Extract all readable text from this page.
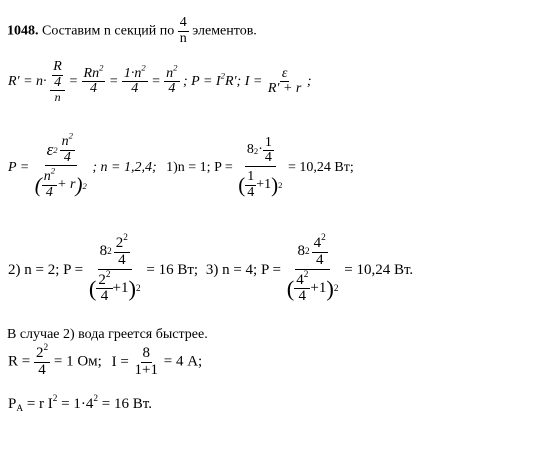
1048. Составим n секций по $\frac{4}{n}$ элементов.
R′ = n· R
4
$n = \frac{Rn^2}{4} = \frac{1\cdot n^2}{4} = \frac{n^2}{4}$ ; $P = I^2R'$; $I = \frac{\varepsilon}{R' + r}$ ;
$P = \frac{\varepsilon 2 \frac{n^2}{4}}{( \frac{n^2}{4} + r ) 2}$ ; n = 1,2,4; 1)n = 1; $P = \frac{8 2 \cdot \frac{1}{4}}{( \frac{1}{4} +1 ) 2} = 10,24$ Вт;
2) n = 2; $P = \frac{8 2 \frac{2^2}{4}}{( \frac{2^2}{4} +1 ) 2} = 16$ Вт; 3) n = 4; $P = \frac{8 2 \frac{4^2}{4}}{( \frac{4^2}{4} +1 ) 2} = 10,24$ Вт.
В случае 2) вода греется быстрее.
$R = \frac{2^2}{4} = 1$ Ом; $I = \frac{8}{1+1} = 4$ А;
$P_A = r$ $I^2 = 1\cdot 4^2 = 16$ Вт.
